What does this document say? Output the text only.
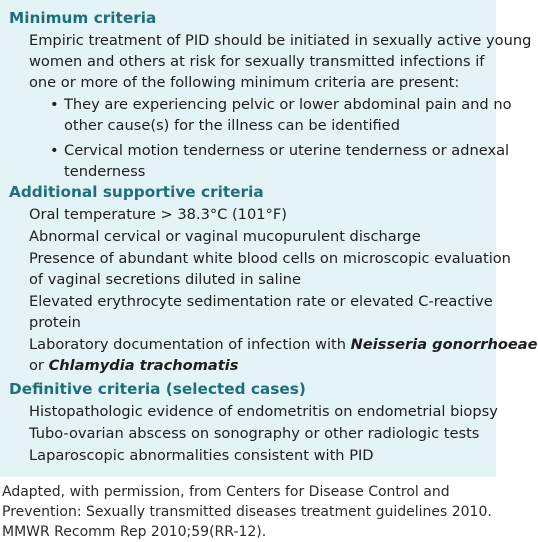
Minimum criteria
Empiric treatment of PID should be initiated in sexually active young
women and others at risk for sexually transmitted infections if
one or more of the following minimum criteria are present:
• They are experiencing pelvic or lower abdominal pain and no
other cause(s) for the illness can be identified
• Cervical motion tenderness or uterine tenderness or adnexal
tenderness
Additional supportive criteria
Oral temperature > 38.3°C (101°F)
Abnormal cervical or vaginal mucopurulent discharge
Presence of abundant white blood cells on microscopic evaluation
of vaginal secretions diluted in saline
Elevated erythrocyte sedimentation rate or elevated C-reactive
protein
Laboratory documentation of infection with Neisseria gonorrhoeae
or Chlamydia trachomatis
Definitive criteria (selected cases)
Histopathologic evidence of endometritis on endometrial biopsy
Tubo-ovarian abscess on sonography or other radiologic tests
Laparoscopic abnormalities consistent with PID
Adapted, with permission, from Centers for Disease Control and
Prevention: Sexually transmitted diseases treatment guidelines 2010.
MMWR Recomm Rep 2010;59(RR-12).
